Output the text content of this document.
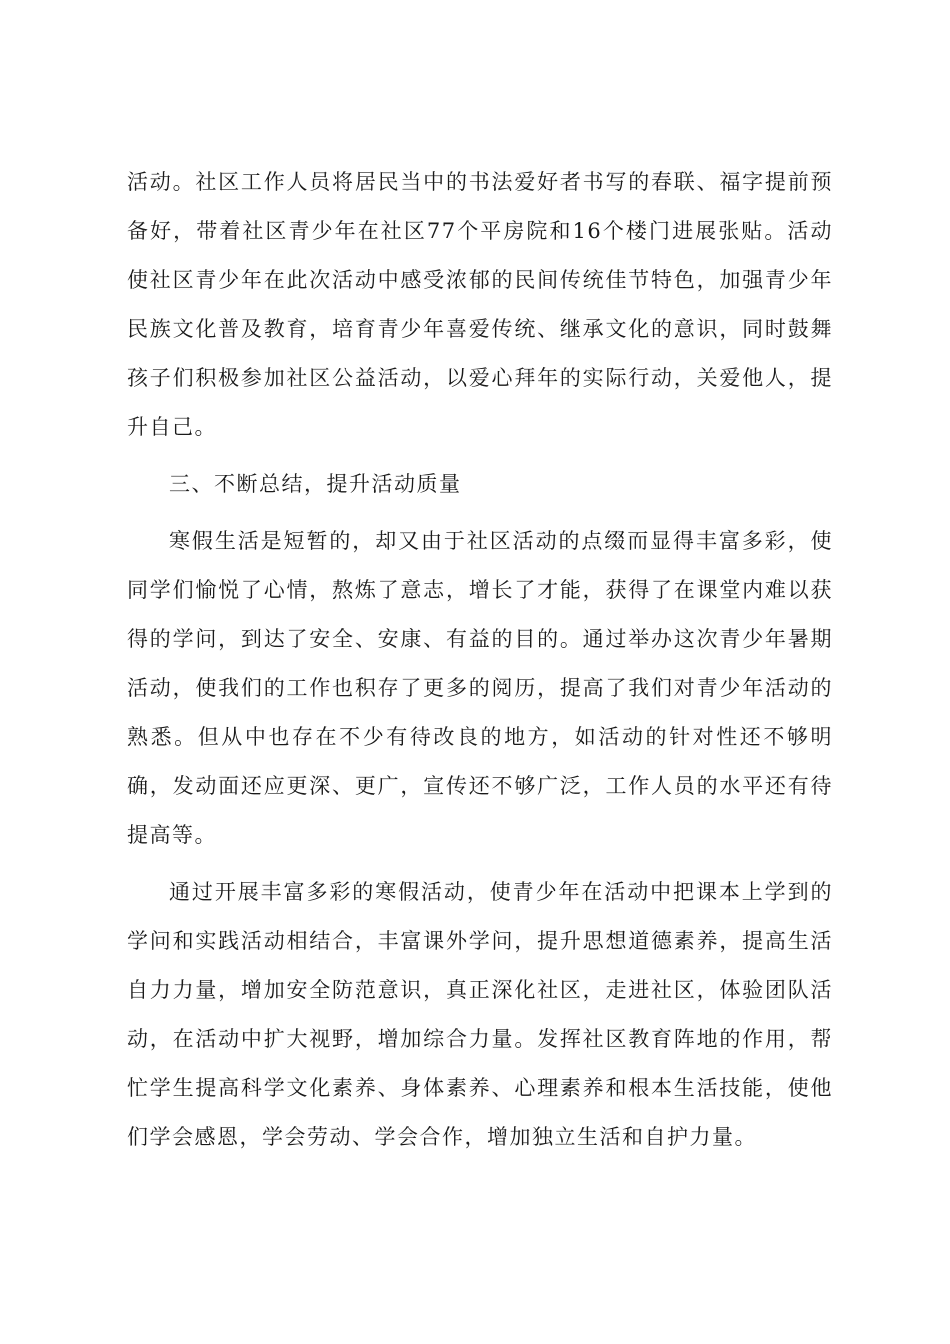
活动。社区工作人员将居民当中的书法爱好者书写的春联、福字提前预备好，带着社区青少年在社区77个平房院和16个楼门进展张贴。活动使社区青少年在此次活动中感受浓郁的民间传统佳节特色，加强青少年民族文化普及教育，培育青少年喜爱传统、继承文化的意识，同时鼓舞孩子们积极参加社区公益活动，以爱心拜年的实际行动，关爱他人，提升自己。

三、不断总结，提升活动质量

寒假生活是短暂的，却又由于社区活动的点缀而显得丰富多彩，使同学们愉悦了心情，熬炼了意志，增长了才能，获得了在课堂内难以获得的学问，到达了安全、安康、有益的目的。通过举办这次青少年暑期活动，使我们的工作也积存了更多的阅历，提高了我们对青少年活动的熟悉。但从中也存在不少有待改良的地方，如活动的针对性还不够明确，发动面还应更深、更广，宣传还不够广泛，工作人员的水平还有待提高等。

通过开展丰富多彩的寒假活动，使青少年在活动中把课本上学到的学问和实践活动相结合，丰富课外学问，提升思想道德素养，提高生活自力力量，增加安全防范意识，真正深化社区，走进社区，体验团队活动，在活动中扩大视野，增加综合力量。发挥社区教育阵地的作用，帮忙学生提高科学文化素养、身体素养、心理素养和根本生活技能，使他们学会感恩，学会劳动、学会合作，增加独立生活和自护力量。
